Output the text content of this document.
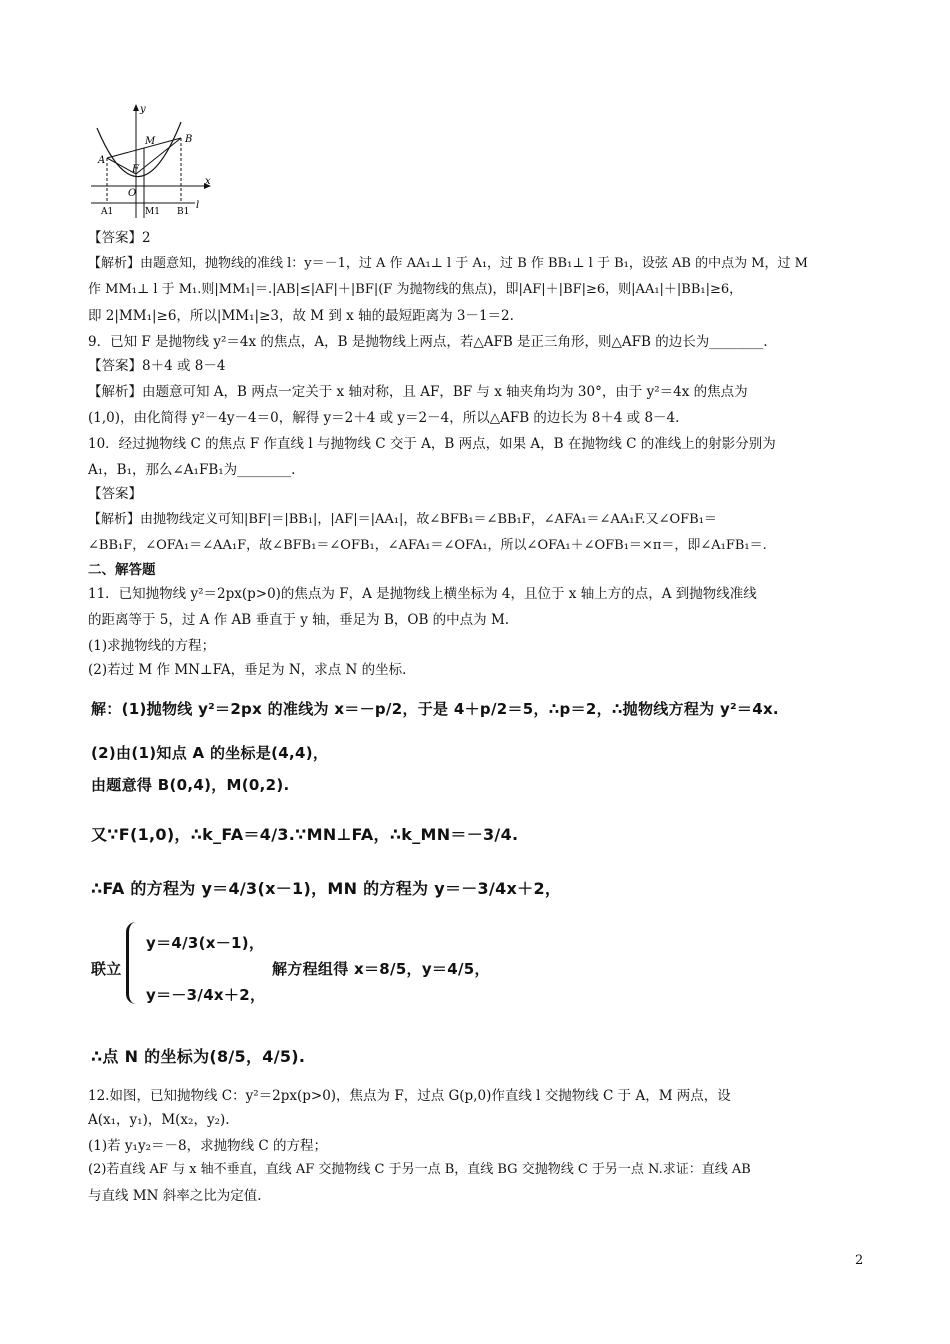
y
x
M	B
A
F
O
A1	M1 B1
l
【答案】2
【解析】由题意知，抛物线的准线 l：y＝－1，过 A 作 AA₁⊥ l 于 A₁，过 B 作 BB₁⊥ l 于 B₁，设弦 AB 的中点为 M，过 M
作 MM₁⊥ l 于 M₁.则|MM₁|＝.|AB|≤|AF|＋|BF|(F 为抛物线的焦点)，即|AF|＋|BF|≥6，则|AA₁|＋|BB₁|≥6，
即 2|MM₁|≥6，所以|MM₁|≥3，故 M 到 x 轴的最短距离为 3－1＝2.
9．已知 F 是抛物线 y²＝4x 的焦点，A，B 是抛物线上两点，若△AFB 是正三角形，则△AFB 的边长为________.
【答案】8＋4 或 8－4
【解析】由题意可知 A，B 两点一定关于 x 轴对称，且 AF，BF 与 x 轴夹角均为 30°，由于 y²＝4x 的焦点为
(1,0)，由化简得 y²－4y－4＝0，解得 y＝2＋4 或 y＝2－4，所以△AFB 的边长为 8＋4 或 8－4.
10．经过抛物线 C 的焦点 F 作直线 l 与抛物线 C 交于 A，B 两点，如果 A，B 在抛物线 C 的准线上的射影分别为
A₁，B₁，那么∠A₁FB₁为________.
【答案】
【解析】由抛物线定义可知|BF|＝|BB₁|，|AF|＝|AA₁|，故∠BFB₁＝∠BB₁F，∠AFA₁＝∠AA₁F.又∠OFB₁＝
∠BB₁F，∠OFA₁＝∠AA₁F，故∠BFB₁＝∠OFB₁，∠AFA₁＝∠OFA₁，所以∠OFA₁＋∠OFB₁＝×π＝，即∠A₁FB₁＝.
二、解答题
11．已知抛物线 y²＝2px(p>0)的焦点为 F，A 是抛物线上横坐标为 4，且位于 x 轴上方的点，A 到抛物线准线
的距离等于 5，过 A 作 AB 垂直于 y 轴，垂足为 B，OB 的中点为 M.
(1)求抛物线的方程；
(2)若过 M 作 MN⊥FA，垂足为 N，求点 N 的坐标.
解：(1)抛物线 y²＝2px 的准线为 x＝－p/2，于是 4＋p/2＝5，∴p＝2，∴抛物线方程为 y²＝4x.
(2)由(1)知点 A 的坐标是(4,4)，
由题意得 B(0,4)，M(0,2).
又∵F(1,0)，∴k_FA＝4/3.∵MN⊥FA，∴k_MN＝－3/4.
∴FA 的方程为 y＝4/3(x－1)，MN 的方程为 y＝－3/4x＋2，
联立
y＝4/3(x－1)，
y＝－3/4x＋2，
解方程组得 x＝8/5，y＝4/5，
∴点 N 的坐标为(8/5，4/5).
12.如图，已知抛物线 C：y²＝2px(p>0)，焦点为 F，过点 G(p,0)作直线 l 交抛物线 C 于 A，M 两点，设
A(x₁，y₁)，M(x₂，y₂).
(1)若 y₁y₂＝－8，求抛物线 C 的方程；
(2)若直线 AF 与 x 轴不垂直，直线 AF 交抛物线 C 于另一点 B，直线 BG 交抛物线 C 于另一点 N.求证：直线 AB
与直线 MN 斜率之比为定值.
2
